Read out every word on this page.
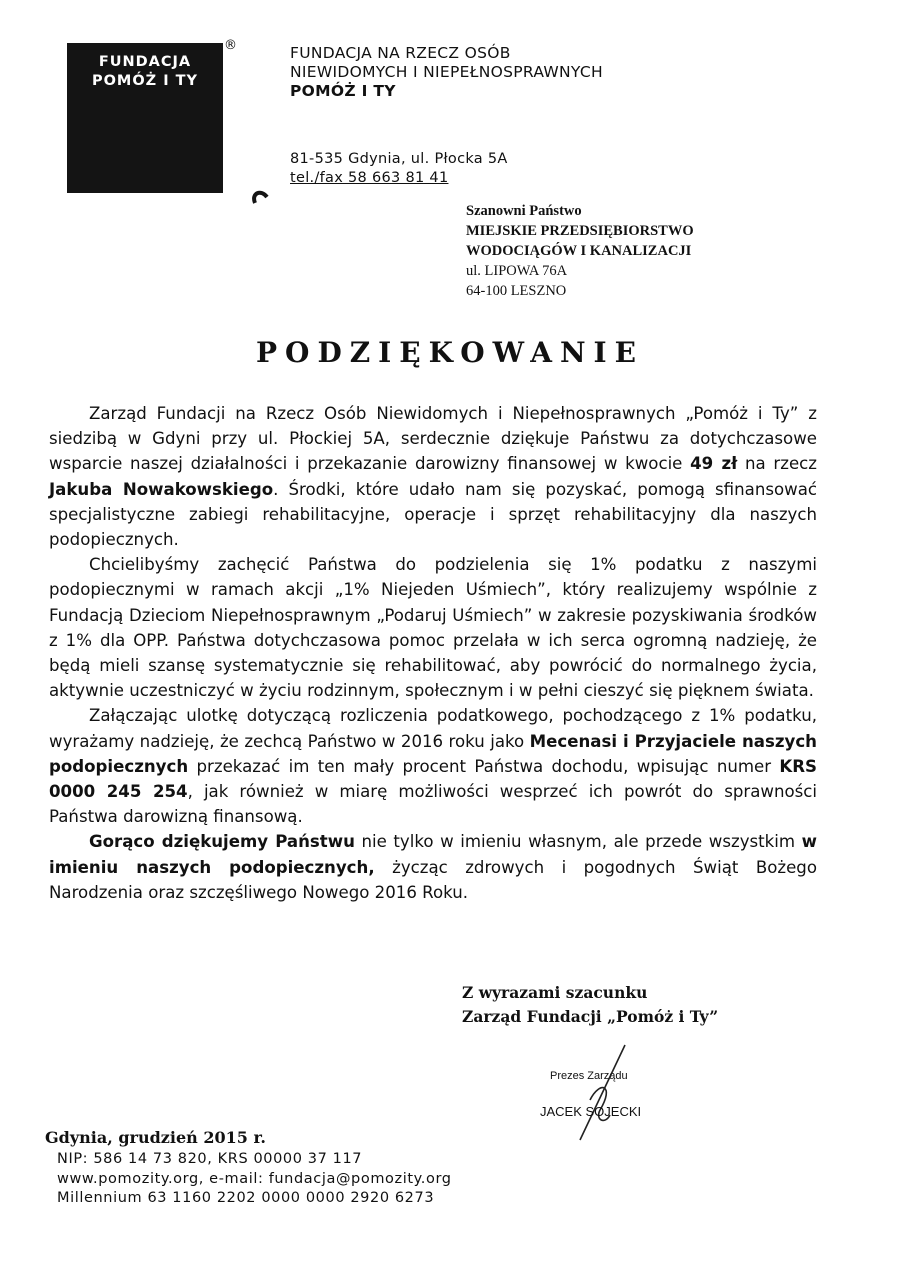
FUNDACJA
POMÓŻ I TY
®	FUNDACJA NA RZECZ OSÓB
NIEWIDOMYCH I NIEPEŁNOSPRAWNYCH
POMÓŻ I TY
81-535 Gdynia, ul. Płocka 5A
tel./fax 58 663 81 41
Szanowni Państwo
MIEJSKIE PRZEDSIĘBIORSTWO
WODOCIĄGÓW I KANALIZACJI
ul. LIPOWA 76A
64-100 LESZNO
PODZIĘKOWANIE

Zarząd Fundacji na Rzecz Osób Niewidomych i Niepełnosprawnych „Pomóż i Ty” z siedzibą w Gdyni przy ul. Płockiej 5A, serdecznie dziękuje Państwu za dotychczasowe wsparcie naszej działalności i przekazanie darowizny finansowej w kwocie 49 zł na rzecz Jakuba Nowakowskiego. Środki, które udało nam się pozyskać, pomogą sfinansować specjalistyczne zabiegi rehabilitacyjne, operacje i sprzęt rehabilitacyjny dla naszych podopiecznych.

Chcielibyśmy zachęcić Państwa do podzielenia się 1% podatku z naszymi podopiecznymi w ramach akcji „1% Niejeden Uśmiech”, który realizujemy wspólnie z Fundacją Dzieciom Niepełnosprawnym „Podaruj Uśmiech” w zakresie pozyskiwania środków z 1% dla OPP. Państwa dotychczasowa pomoc przelała w ich serca ogromną nadzieję, że będą mieli szansę systematycznie się rehabilitować, aby powrócić do normalnego życia, aktywnie uczestniczyć w życiu rodzinnym, społecznym i w pełni cieszyć się pięknem świata.

Załączając ulotkę dotyczącą rozliczenia podatkowego, pochodzącego z 1% podatku, wyrażamy nadzieję, że zechcą Państwo w 2016 roku jako Mecenasi i Przyjaciele naszych podopiecznych przekazać im ten mały procent Państwa dochodu, wpisując numer KRS 0000 245 254, jak również w miarę możliwości wesprzeć ich powrót do sprawności Państwa darowizną finansową.

Gorąco dziękujemy Państwu nie tylko w imieniu własnym, ale przede wszystkim w imieniu naszych podopiecznych, życząc zdrowych i pogodnych Świąt Bożego Narodzenia oraz szczęśliwego Nowego 2016 Roku.

Z wyrazami szacunku
Zarząd Fundacji „Pomóż i Ty”
Prezes Zarządu
JACEK SOJECKI
Gdynia, grudzień 2015 r.
NIP: 586 14 73 820, KRS 00000 37 117
www.pomozity.org, e-mail: fundacja@pomozity.org
Millennium 63 1160 2202 0000 0000 2920 6273
